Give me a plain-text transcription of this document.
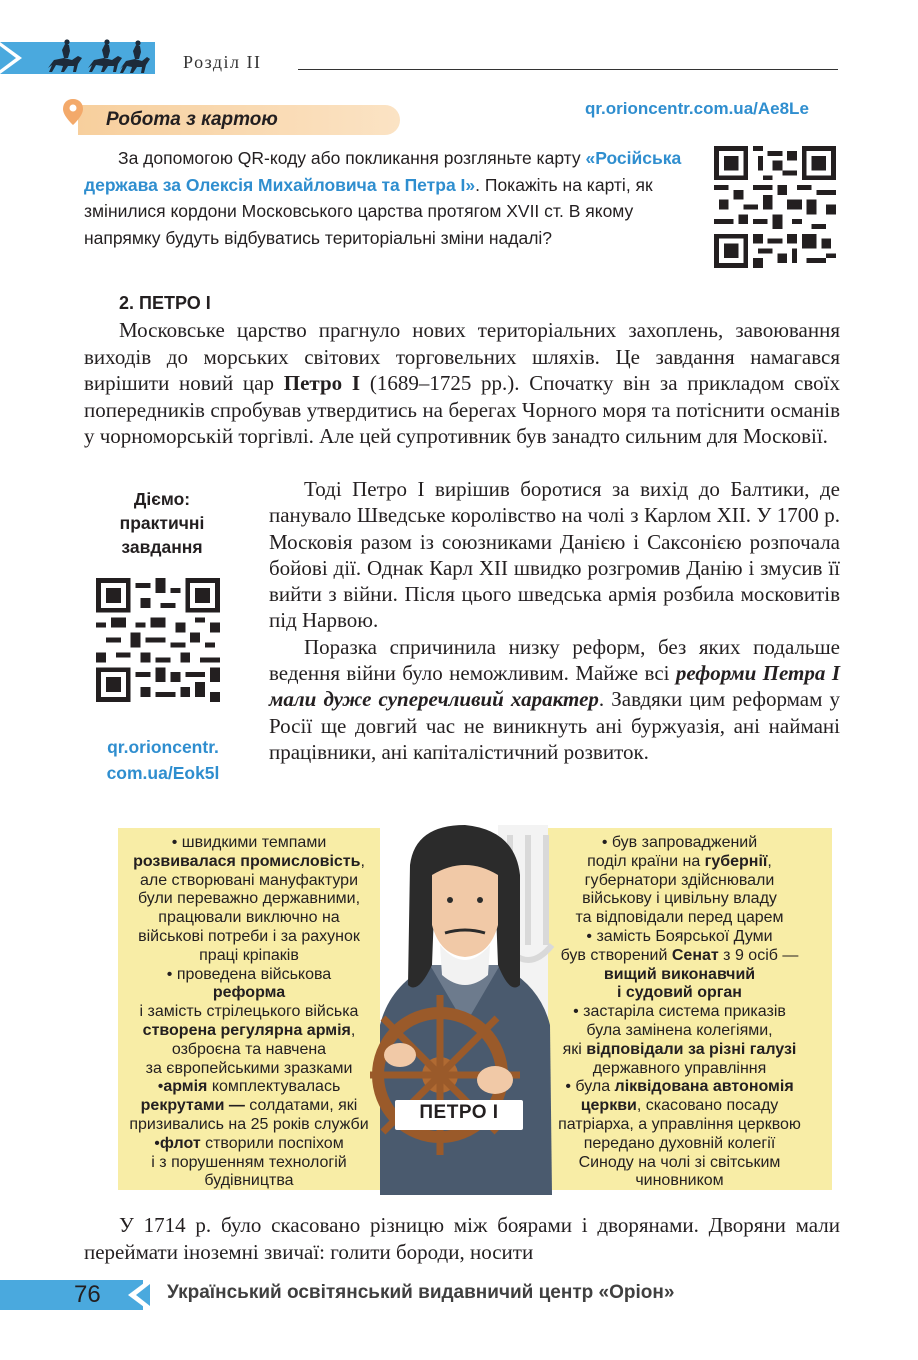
Розділ II
Робота з картою
qr.orioncentr.com.ua/Ae8Le
За допомогою QR-коду або покликання розгляньте карту «Російська держава за Олексія Михайловича та Петра I». Покажіть на карті, як змінилися кордони Московського царства протягом XVII ст. В якому напрямку будуть відбуватись територіальні зміни надалі?
2. ПЕТРО І
Московське царство прагнуло нових територіальних захоплень, завоювання виходів до морських світових торговельних шляхів. Це завдання намагався вирішити новий цар Петро І (1689–1725 рр.). Спочатку він за прикладом своїх попередників спробував утвердитись на берегах Чорного моря та потіснити османів у чорноморській торгівлі. Але цей супротивник був занадто сильним для Московії.
Діємо: практичні завдання
qr.orioncentr.
com.ua/Eok5l
Тоді Петро І вирішив боротися за вихід до Балтики, де панувало Шведське королівство на чолі з Карлом XII. У 1700 р. Московія разом із союзниками Данією і Саксонією розпочала бойові дії. Однак Карл XII швидко розгромив Данію і змусив її вийти з війни. Після цього шведська армія розбила московитів під Нарвою.
Поразка спричинила низку реформ, без яких подальше ведення війни було неможливим. Майже всі реформи Петра І мали дуже суперечливий характер. Завдяки цим реформам у Росії ще довгий час не виникнуть ані буржуазія, ані наймані працівники, ані капіталістичний розвиток.
ПЕТРО І
• швидкими темпами
розвивалася промисловість,
але створювані мануфактури
були переважно державними,
працювали виключно на
військові потреби і за рахунок
праці кріпаків
• проведена військова
реформа
і замість стрілецького війська
створена регулярна армія,
озброєна та навчена
за європейськими зразками
•армія комплектувалась
рекрутами — солдатами, які
призивались на 25 років служби
•флот створили поспіхом
і з порушенням технологій
будівництва
• був запроваджений
поділ країни на губернії,
губернатори здійснювали
військову і цивільну владу
та відповідали перед царем
• замість Боярської Думи
був створений Сенат з 9 осіб —
вищий виконавчий
і судовий орган
• застаріла система приказів
була замінена колегіями,
які відповідали за різні галузі
державного управління
• була ліквідована автономія
церкви, скасовано посаду
патріарха, а управління церквою
передано духовній колегії
Синоду на чолі зі світським
чиновником
У 1714 р. було скасовано різницю між боярами і дворянами. Дворяни мали переймати іноземні звичаї: голити бороди, носити
76	Український освітянський видавничий центр «Оріон»
